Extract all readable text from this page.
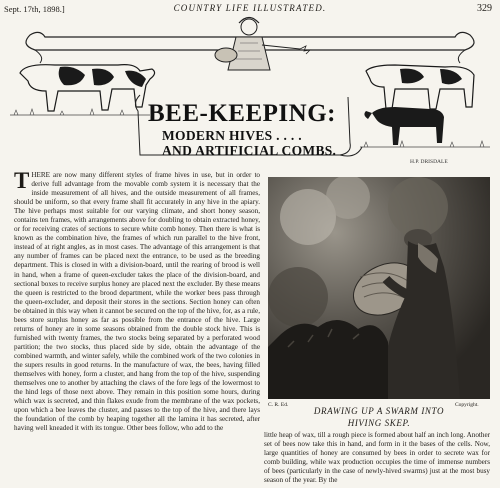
Sept. 17th, 1898.]	COUNTRY LIFE ILLUSTRATED.	329
BEE-KEEPING:
MODERN HIVES . . . .
AND ARTIFICIAL COMBS.
H.P. DRISDALE

THERE are now many different styles of frame hives in use, but in order to derive full advantage from the movable comb system it is necessary that the inside measurement of all hives, and the outside measurement of all frames, should be uniform, so that every frame shall fit accurately in any hive in the apiary. The hive perhaps most suitable for our varying climate, and short honey season, contains ten frames, with arrangements above for doubling to obtain extracted honey, or for receiving crates of sections to secure white comb honey. Then there is what is known as the combination hive, the frames of which run parallel to the hive front, instead of at right angles, as in most cases. The advantage of this arrangement is that any number of frames can be placed next the entrance, to be used as the breeding department. This is closed in with a division-board, until the rearing of brood is well in hand, when a frame of queen-excluder takes the place of the division-board, and sectional boxes to receive surplus honey are placed next the excluder. By these means the queen is restricted to the brood department, while the worker bees pass through the queen-excluder, and deposit their stores in the sections. Section honey can often be obtained in this way when it cannot be secured on the top of the hive, for, as a rule, bees store surplus honey as far as possible from the entrance of the hive. Large returns of honey are in some seasons obtained from the double stock hive. This is furnished with twenty frames, the two stocks being separated by a perforated wood partition; the two stocks, thus placed side by side, obtain the advantage of the combined warmth, and winter safely, while the combined work of the two colonies in the supers results in good returns. In the manufacture of wax, the bees, having filled themselves with honey, form a cluster, and hang from the top of the hive, suspending themselves one to another by attaching the claws of the fore legs of the lowermost to the hind legs of those next above. They remain in this position some hours, during which wax is secreted, and thin flakes exude from the membrane of the wax pockets, upon which a bee leaves the cluster, and passes to the top of the hive, and there lays the foundation of the comb by heaping together all the lamina it has secreted, after having well kneaded it with its tongue. Other bees follow, who add to the

C. R. Ed.	Copyright.
DRAWING UP A SWARM INTO
HIVING SKEP.
little heap of wax, till a rough piece is formed about half an inch long. Another set of bees now take this in hand, and form in it the bases of the cells. Now, large quantities of honey are consumed by bees in order to secrete wax for comb building, while wax production occupies the time of immense numbers of bees (particularly in the case of newly-hived swarms) just at the most busy season of the year. By the
